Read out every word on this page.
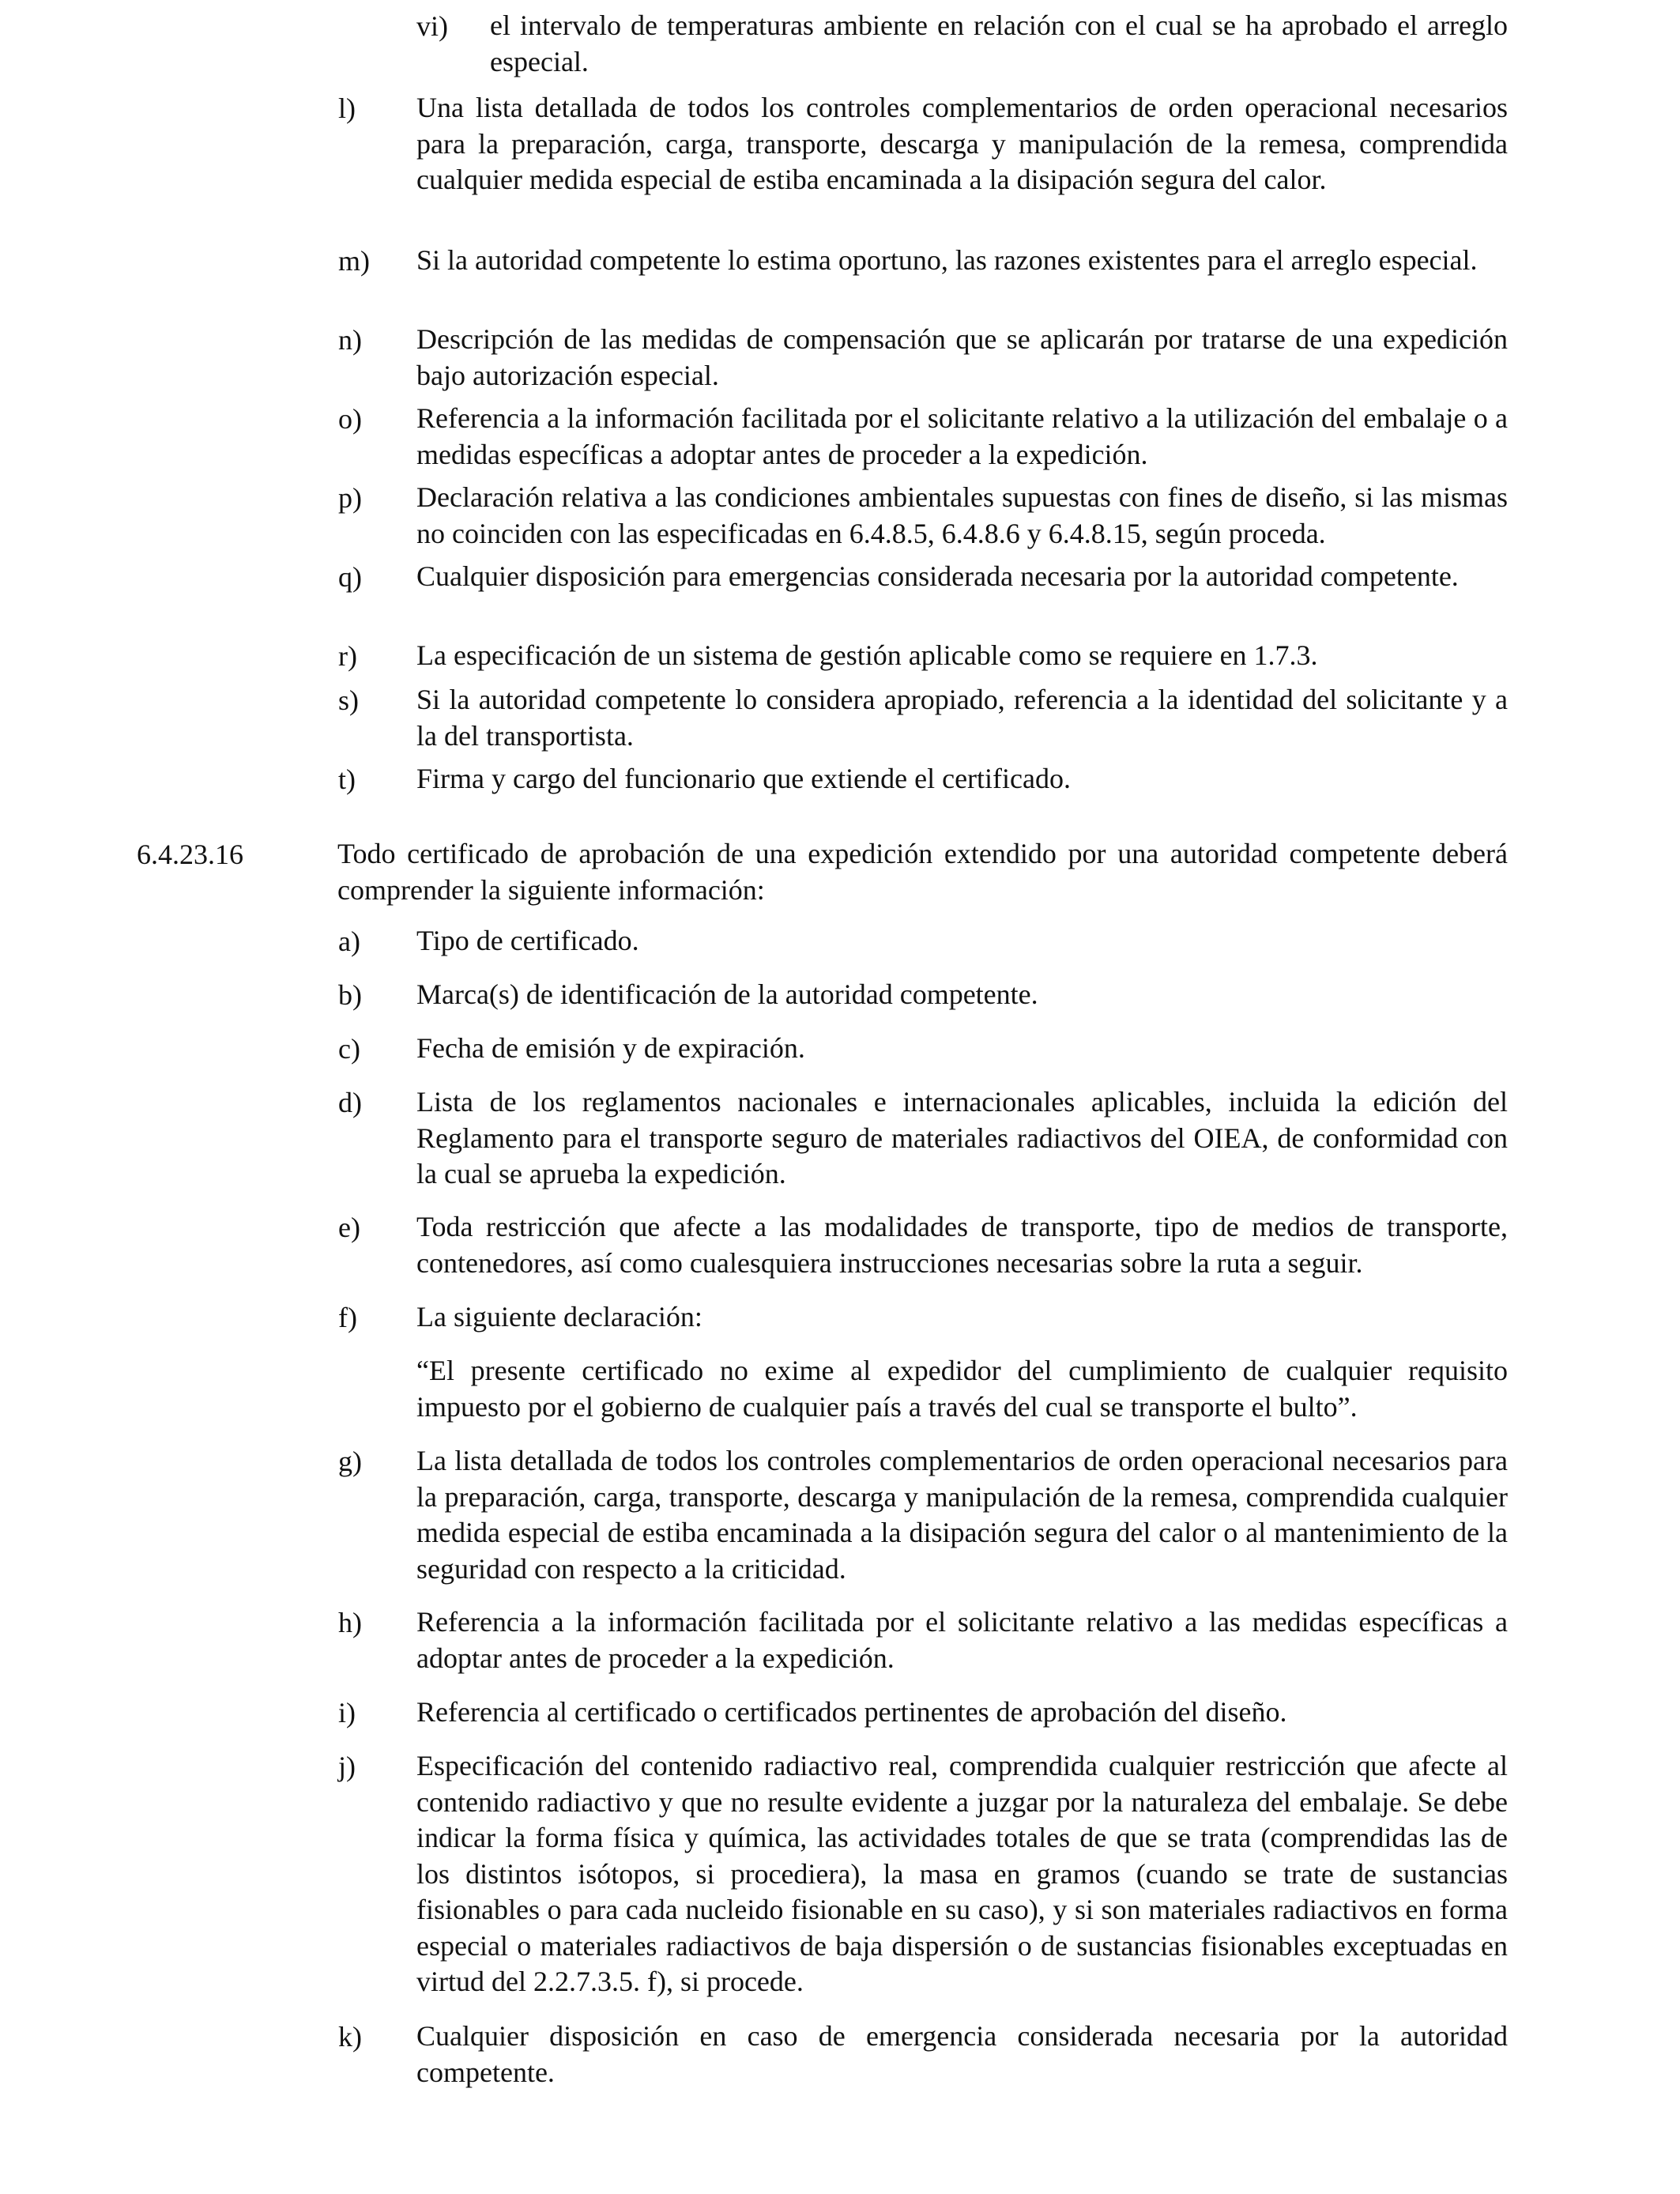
vi) el intervalo de temperaturas ambiente en relación con el cual se ha aprobado el arreglo especial.
l) Una lista detallada de todos los controles complementarios de orden operacional necesarios para la preparación, carga, transporte, descarga y manipulación de la remesa, comprendida cualquier medida especial de estiba encaminada a la disipación segura del calor.
m) Si la autoridad competente lo estima oportuno, las razones existentes para el arreglo especial.
n) Descripción de las medidas de compensación que se aplicarán por tratarse de una expedición bajo autorización especial.
o) Referencia a la información facilitada por el solicitante relativo a la utilización del embalaje o a medidas específicas a adoptar antes de proceder a la expedición.
p) Declaración relativa a las condiciones ambientales supuestas con fines de diseño, si las mismas no coinciden con las especificadas en 6.4.8.5, 6.4.8.6 y 6.4.8.15, según proceda.
q) Cualquier disposición para emergencias considerada necesaria por la autoridad competente.
r) La especificación de un sistema de gestión aplicable como se requiere en 1.7.3.
s) Si la autoridad competente lo considera apropiado, referencia a la identidad del solicitante y a la del transportista.
t) Firma y cargo del funcionario que extiende el certificado.
6.4.23.16	Todo certificado de aprobación de una expedición extendido por una autoridad competente deberá comprender la siguiente información:
a) Tipo de certificado.
b) Marca(s) de identificación de la autoridad competente.
c) Fecha de emisión y de expiración.
d) Lista de los reglamentos nacionales e internacionales aplicables, incluida la edición del Reglamento para el transporte seguro de materiales radiactivos del OIEA, de conformidad con la cual se aprueba la expedición.
e) Toda restricción que afecte a las modalidades de transporte, tipo de medios de transporte, contenedores, así como cualesquiera instrucciones necesarias sobre la ruta a seguir.
f) La siguiente declaración:
“El presente certificado no exime al expedidor del cumplimiento de cualquier requisito impuesto por el gobierno de cualquier país a través del cual se transporte el bulto”.
g) La lista detallada de todos los controles complementarios de orden operacional necesarios para la preparación, carga, transporte, descarga y manipulación de la remesa, comprendida cualquier medida especial de estiba encaminada a la disipación segura del calor o al mantenimiento de la seguridad con respecto a la criticidad.
h) Referencia a la información facilitada por el solicitante relativo a las medidas específicas a adoptar antes de proceder a la expedición.
i) Referencia al certificado o certificados pertinentes de aprobación del diseño.
j) Especificación del contenido radiactivo real, comprendida cualquier restricción que afecte al contenido radiactivo y que no resulte evidente a juzgar por la naturaleza del embalaje. Se debe indicar la forma física y química, las actividades totales de que se trata (comprendidas las de los distintos isótopos, si procediera), la masa en gramos (cuando se trate de sustancias fisionables o para cada nucleido fisionable en su caso), y si son materiales radiactivos en forma especial o materiales radiactivos de baja dispersión o de sustancias fisionables exceptuadas en virtud del 2.2.7.3.5. f), si procede.
k) Cualquier disposición en caso de emergencia considerada necesaria por la autoridad competente.
